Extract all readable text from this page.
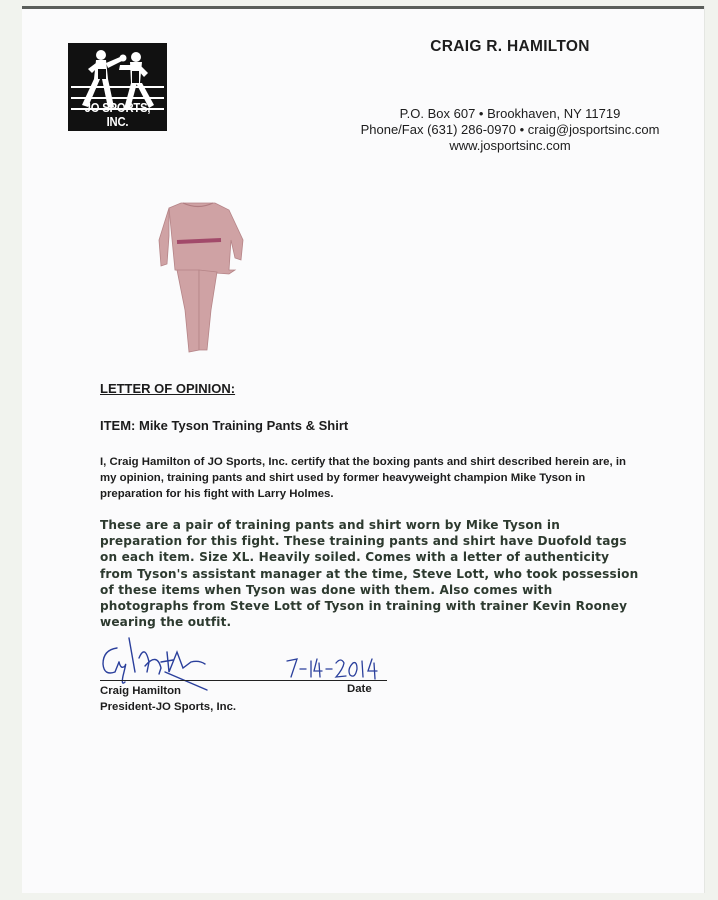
JO SPORTS, INC.
CRAIG R. HAMILTON
P.O. Box 607 • Brookhaven, NY 11719
Phone/Fax (631) 286-0970 • craig@josportsinc.com
www.josportsinc.com
LETTER OF OPINION:
ITEM: Mike Tyson Training Pants & Shirt
I, Craig Hamilton of JO Sports, Inc. certify that the boxing pants and shirt described herein are, in my opinion, training pants and shirt used by former heavyweight champion Mike Tyson in preparation for his fight with Larry Holmes.
These are a pair of training pants and shirt worn by Mike Tyson in preparation for this fight. These training pants and shirt have Duofold tags on each item. Size XL. Heavily soiled. Comes with a letter of authenticity from Tyson's assistant manager at the time, Steve Lott, who took possession of these items when Tyson was done with them. Also comes with photographs from Steve Lott of Tyson in training with trainer Kevin Rooney wearing the outfit.
Craig Hamilton
President-JO Sports, Inc.
Date
